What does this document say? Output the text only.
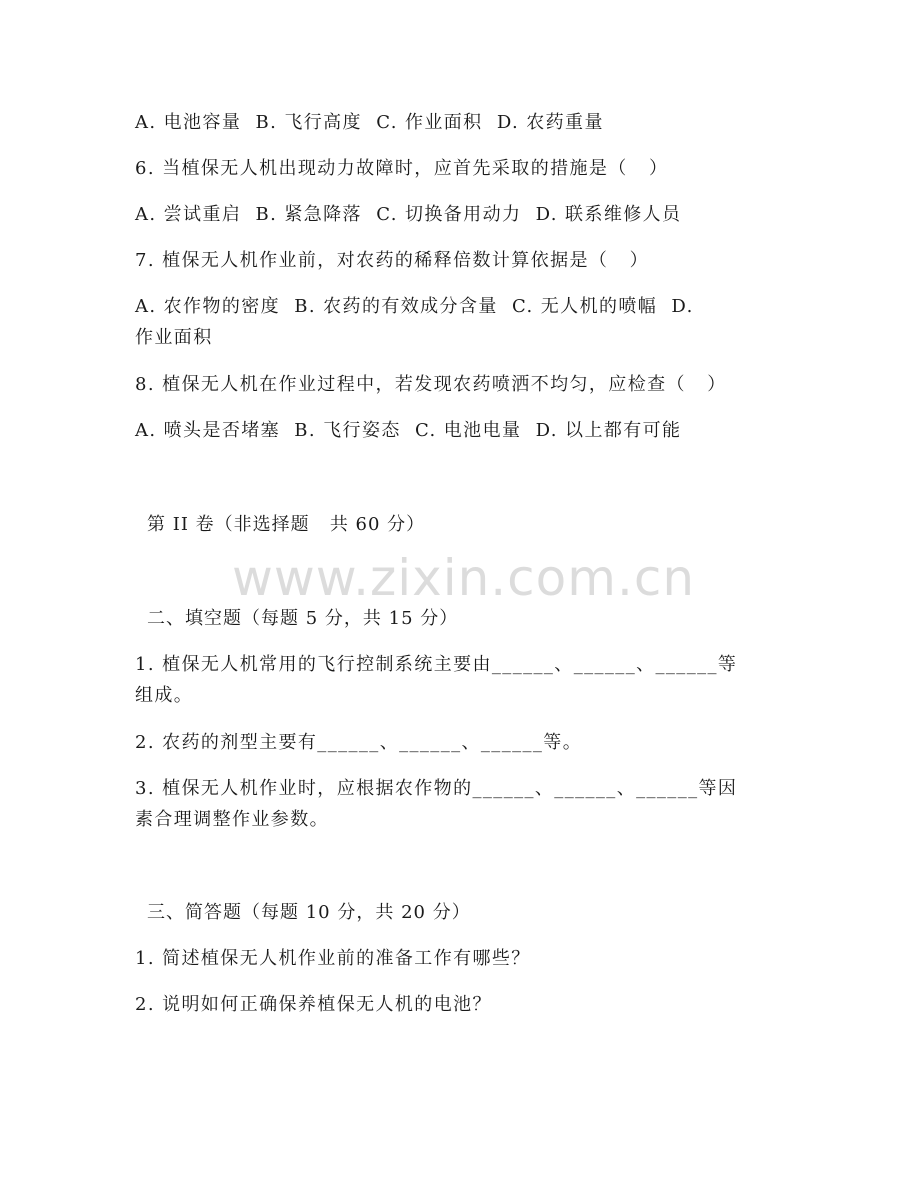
A. 电池容量  B. 飞行高度  C. 作业面积  D. 农药重量
6. 当植保无人机出现动力故障时，应首先采取的措施是（   ）
A. 尝试重启  B. 紧急降落  C. 切换备用动力  D. 联系维修人员
7. 植保无人机作业前，对农药的稀释倍数计算依据是（   ）
A. 农作物的密度  B. 农药的有效成分含量  C. 无人机的喷幅  D.
作业面积
8. 植保无人机在作业过程中，若发现农药喷洒不均匀，应检查（   ）
A. 喷头是否堵塞  B. 飞行姿态  C. 电池电量  D. 以上都有可能
第 II 卷（非选择题   共 60 分）
www.zixin.com.cn
二、填空题（每题 5 分，共 15 分）
1. 植保无人机常用的飞行控制系统主要由______、______、______等
组成。
2. 农药的剂型主要有______、______、______等。
3. 植保无人机作业时，应根据农作物的______、______、______等因
素合理调整作业参数。
三、简答题（每题 10 分，共 20 分）
1. 简述植保无人机作业前的准备工作有哪些？
2. 说明如何正确保养植保无人机的电池？
